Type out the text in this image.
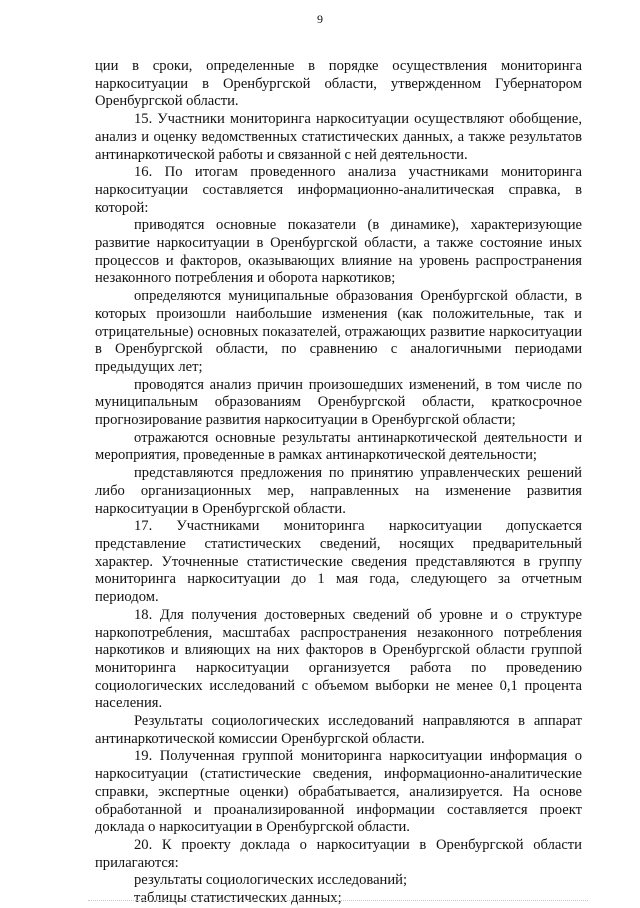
9

ции в сроки, определенные в порядке осуществления мониторинга наркоситуации в Оренбургской области, утвержденном Губернатором Оренбургской области.

15. Участники мониторинга наркоситуации осуществляют обобщение, анализ и оценку ведомственных статистических данных, а также результатов антинаркотической работы и связанной с ней деятельности.

16. По итогам проведенного анализа участниками мониторинга наркоситуации составляется информационно-аналитическая справка, в которой:

приводятся основные показатели (в динамике), характеризующие развитие наркоситуации в Оренбургской области, а также состояние иных процессов и факторов, оказывающих влияние на уровень распространения незаконного потребления и оборота наркотиков;

определяются муниципальные образования Оренбургской области, в которых произошли наибольшие изменения (как положительные, так и отрицательные) основных показателей, отражающих развитие наркоситуации в Оренбургской области, по сравнению с аналогичными периодами предыдущих лет;

проводятся анализ причин произошедших изменений, в том числе по муниципальным образованиям Оренбургской области, краткосрочное прогнозирование развития наркоситуации в Оренбургской области;

отражаются основные результаты антинаркотической деятельности и мероприятия, проведенные в рамках антинаркотической деятельности;

представляются предложения по принятию управленческих решений либо организационных мер, направленных на изменение развития наркоситуации в Оренбургской области.

17. Участниками мониторинга наркоситуации допускается представление статистических сведений, носящих предварительный характер. Уточненные статистические сведения представляются в группу мониторинга наркоситуации до 1 мая года, следующего за отчетным периодом.

18. Для получения достоверных сведений об уровне и о структуре наркопотребления, масштабах распространения незаконного потребления наркотиков и влияющих на них факторов в Оренбургской области группой мониторинга наркоситуации организуется работа по проведению социологических исследований с объемом выборки не менее 0,1 процента населения.

Результаты социологических исследований направляются в аппарат антинаркотической комиссии Оренбургской области.

19. Полученная группой мониторинга наркоситуации информация о наркоситуации (статистические сведения, информационно-аналитические справки, экспертные оценки) обрабатывается, анализируется. На основе обработанной и проанализированной информации составляется проект доклада о наркоситуации в Оренбургской области.

20. К проекту доклада о наркоситуации в Оренбургской области прилагаются:

результаты социологических исследований;

таблицы статистических данных;
